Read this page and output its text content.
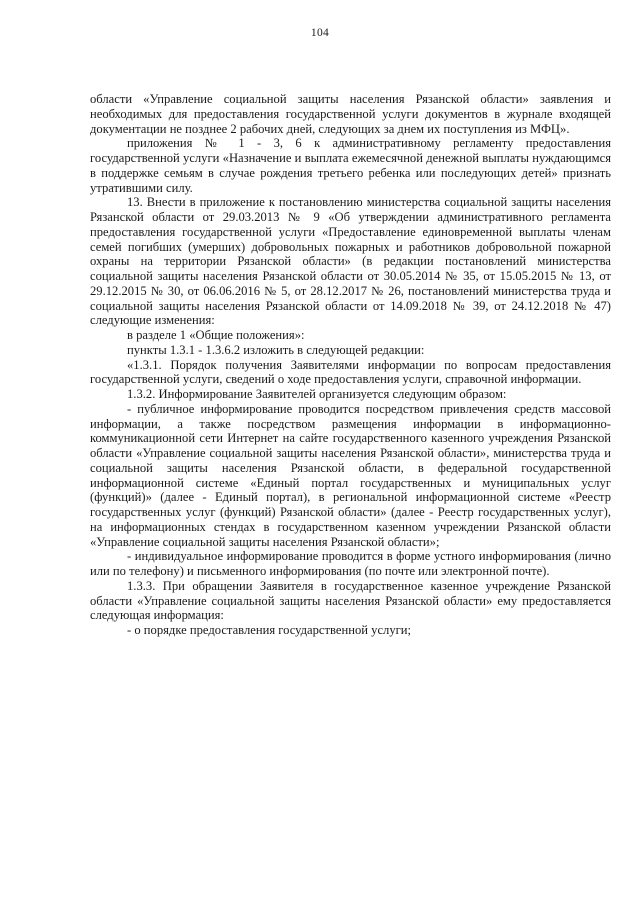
104

области «Управление социальной защиты населения Рязанской области» заявления и необходимых для предоставления государственной услуги документов в журнале входящей документации не позднее 2 рабочих дней, следующих за днем их поступления из МФЦ».

приложения № 1 - 3, 6 к административному регламенту предоставления государственной услуги «Назначение и выплата ежемесячной денежной выплаты нуждающимся в поддержке семьям в случае рождения третьего ребенка или последующих детей» признать утратившими силу.

13. Внести в приложение к постановлению министерства социальной защиты населения Рязанской области от 29.03.2013 № 9 «Об утверждении административного регламента предоставления государственной услуги «Предоставление единовременной выплаты членам семей погибших (умерших) добровольных пожарных и работников добровольной пожарной охраны на территории Рязанской области» (в редакции постановлений министерства социальной защиты населения Рязанской области от 30.05.2014 № 35, от 15.05.2015 № 13, от 29.12.2015 № 30, от 06.06.2016 № 5, от 28.12.2017 № 26, постановлений министерства труда и социальной защиты населения Рязанской области от 14.09.2018 № 39, от 24.12.2018 № 47) следующие изменения:

в разделе 1 «Общие положения»:

пункты 1.3.1 - 1.3.6.2 изложить в следующей редакции:

«1.3.1. Порядок получения Заявителями информации по вопросам предоставления государственной услуги, сведений о ходе предоставления услуги, справочной информации.

1.3.2. Информирование Заявителей организуется следующим образом:

- публичное информирование проводится посредством привлечения средств массовой информации, а также посредством размещения информации в информационно-коммуникационной сети Интернет на сайте государственного казенного учреждения Рязанской области «Управление социальной защиты населения Рязанской области», министерства труда и социальной защиты населения Рязанской области, в федеральной государственной информационной системе «Единый портал государственных и муниципальных услуг (функций)» (далее - Единый портал), в региональной информационной системе «Реестр государственных услуг (функций) Рязанской области» (далее - Реестр государственных услуг), на информационных стендах в государственном казенном учреждении Рязанской области «Управление социальной защиты населения Рязанской области»;

- индивидуальное информирование проводится в форме устного информирования (лично или по телефону) и письменного информирования (по почте или электронной почте).

1.3.3. При обращении Заявителя в государственное казенное учреждение Рязанской области «Управление социальной защиты населения Рязанской области» ему предоставляется следующая информация:

- о порядке предоставления государственной услуги;
